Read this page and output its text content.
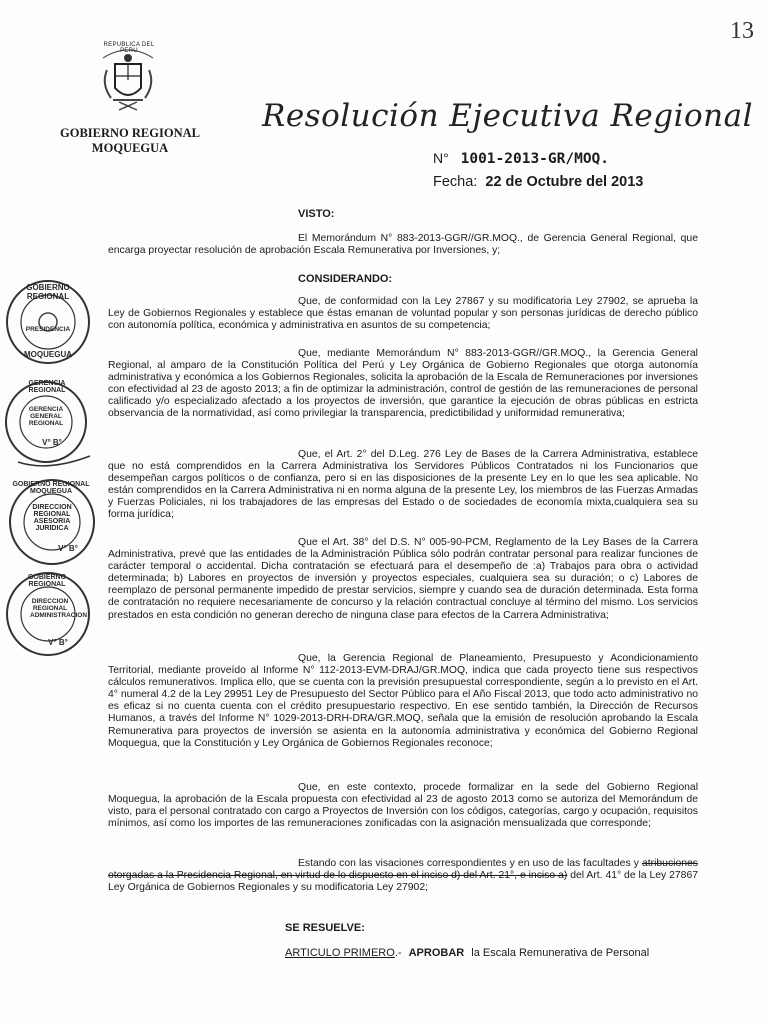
13
REPUBLICA DEL PERU
GOBIERNO REGIONAL
MOQUEGUA
Resolución Ejecutiva Regional
N° 1001-2013-GR/MOQ.
Fecha: 22 de Octubre del 2013
GOBIERNO REGIONAL
PRESIDENCIA
MOQUEGUA
GERENCIA REGIONAL
GERENCIA GENERAL REGIONAL
V° B°
GOBIERNO REGIONAL MOQUEGUA
DIRECCION REGIONAL ASESORIA JURIDICA
V° B°
GOBIERNO REGIONAL
DIRECCION REGIONAL ADMINISTRACION
V° B°
VISTO:
El Memorándum N° 883-2013-GGR//GR.MOQ., de Gerencia General Regional, que encarga proyectar resolución de aprobación Escala Remunerativa por Inversiones, y;
CONSIDERANDO:
Que, de conformidad con la Ley 27867 y su modificatoria Ley 27902, se aprueba la Ley de Gobiernos Regionales y establece que éstas emanan de voluntad popular y son personas jurídicas de derecho público con autonomía política, económica y administrativa en asuntos de su competencia;
Que, mediante Memorándum N° 883-2013-GGR//GR.MOQ., la Gerencia General Regional, al amparo de la Constitución Política del Perú y Ley Orgánica de Gobierno Regionales que otorga autonomía administrativa y económica a los Gobiernos Regionales, solicita la aprobación de la Escala de Remuneraciones por inversiones con efectividad al 23 de agosto 2013; a fin de optimizar la administración, control de gestión de las remuneraciones de personal calificado y/o especializado afectado a los proyectos de inversión, que garantice la ejecución de obras públicas en estricta observancia de la normatividad, así como privilegiar la transparencia, predictibilidad y uniformidad remunerativa;
Que, el Art. 2° del D.Leg. 276 Ley de Bases de la Carrera Administrativa, establece que no está comprendidos en la Carrera Administrativa los Servidores Públicos Contratados ni los Funcionarios que desempeñan cargos políticos o de confianza, pero si en las disposiciones de la presente Ley en lo que les sea aplicable. No están comprendidos en la Carrera Administrativa ni en norma alguna de la presente Ley, los miembros de las Fuerzas Armadas y Fuerzas Policiales, ni los trabajadores de las empresas del Estado o de sociedades de economía mixta,cualquiera sea su forma jurídica;
Que el Art. 38° del D.S. N° 005-90-PCM, Reglamento de la Ley Bases de la Carrera Administrativa, prevé que las entidades de la Administración Pública sólo podrán contratar personal para realizar funciones de carácter temporal o accidental. Dicha contratación se efectuará para el desempeño de :a) Trabajos para obra o actividad determinada; b) Labores en proyectos de inversión y proyectos especiales, cualquiera sea su duración; o c) Labores de reemplazo de personal permanente impedido de prestar servicios, siempre y cuando sea de duración determinada. Esta forma de contratación no requiere necesariamente de concurso y la relación contractual concluye al término del mismo. Los servicios prestados en esta condición no generan derecho de ninguna clase para efectos de la Carrera Administrativa;
Que, la Gerencia Regional de Planeamiento, Presupuesto y Acondicionamiento Territorial, mediante proveído al Informe N° 112-2013-EVM-DRAJ/GR.MOQ, indica que cada proyecto tiene sus respectivos cálculos remunerativos. Implica ello, que se cuenta con la previsión presupuestal correspondiente, según a lo previsto en el Art. 4° numeral 4.2 de la Ley 29951 Ley de Presupuesto del Sector Público para el Año Fiscal 2013, que todo acto administrativo no es eficaz si no cuenta cuenta con el crédito presupuestario respectivo. En ese sentido también, la Dirección de Recursos Humanos, a través del Informe N° 1029-2013-DRH-DRA/GR.MOQ, señala que la emisión de resolución aprobando la Escala Remunerativa para proyectos de inversión se asienta en la autonomía administrativa y económica del Gobierno Regional Moquegua, que la Constitución y Ley Orgánica de Gobiernos Regionales reconoce;
Que, en este contexto, procede formalizar en la sede del Gobierno Regional Moquegua, la aprobación de la Escala propuesta con efectividad al 23 de agosto 2013 como se autoriza del Memorándum de visto, para el personal contratado con cargo a Proyectos de Inversión con los códigos, categorías, cargo y ocupación, requisitos mínimos, así como los importes de las remuneraciones zonificadas con la asignación mensualizada que corresponde;
Estando con las visaciones correspondientes y en uso de las facultades y atribuciones otorgadas a la Presidencia Regional, en virtud de lo dispuesto en el inciso d) del Art. 21°, e inciso a) del Art. 41° de la Ley 27867 Ley Orgánica de Gobiernos Regionales y su modificatoria Ley 27902;
SE RESUELVE:
ARTICULO PRIMERO.- APROBAR la Escala Remunerativa de Personal
